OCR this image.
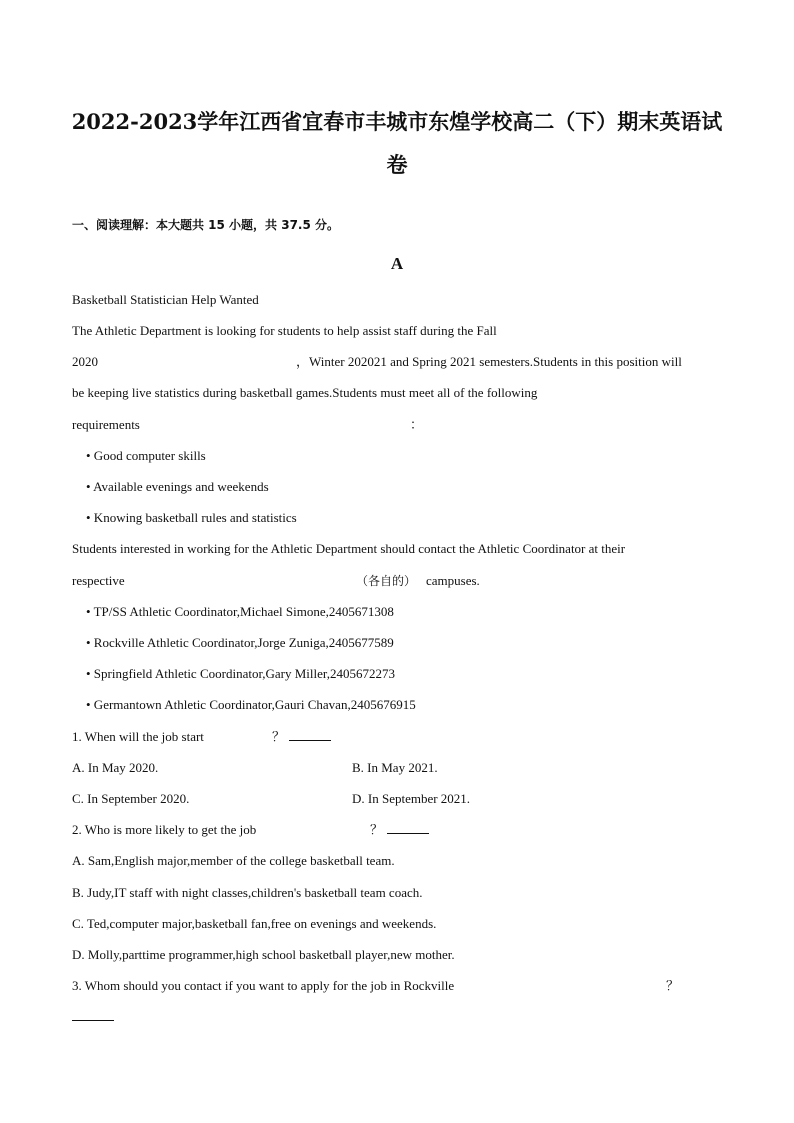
2022-2023学年江西省宜春市丰城市东煌学校高二（下）期末英语试
卷
一、阅读理解：本大题共 15 小题，共 37.5 分。
A
Basketball Statistician Help Wanted
The Athletic Department is looking for students to help assist staff during the Fall
2020	，Winter 202021 and Spring 2021 semesters.Students in this position will
be keeping live statistics during basketball games.Students must meet all of the following
requirements	：
• Good computer skills
• Available evenings and weekends
• Knowing basketball rules and statistics
Students interested in working for the Athletic Department should contact the Athletic Coordinator at their
respective	（各自的） campuses.
• TP/SS Athletic Coordinator,Michael Simone,2405671308
• Rockville Athletic Coordinator,Jorge Zuniga,2405677589
• Springfield Athletic Coordinator,Gary Miller,2405672273
• Germantown Athletic Coordinator,Gauri Chavan,2405676915
1. When will the job start	？
A. In May 2020.	B. In May 2021.
C. In September 2020.	D. In September 2021.
2. Who is more likely to get the job	？
A. Sam,English major,member of the college basketball team.
B. Judy,IT staff with night classes,children's basketball team coach.
C. Ted,computer major,basketball fan,free on evenings and weekends.
D. Molly,parttime programmer,high school basketball player,new mother.
3. Whom should you contact if you want to apply for the job in Rockville	？
